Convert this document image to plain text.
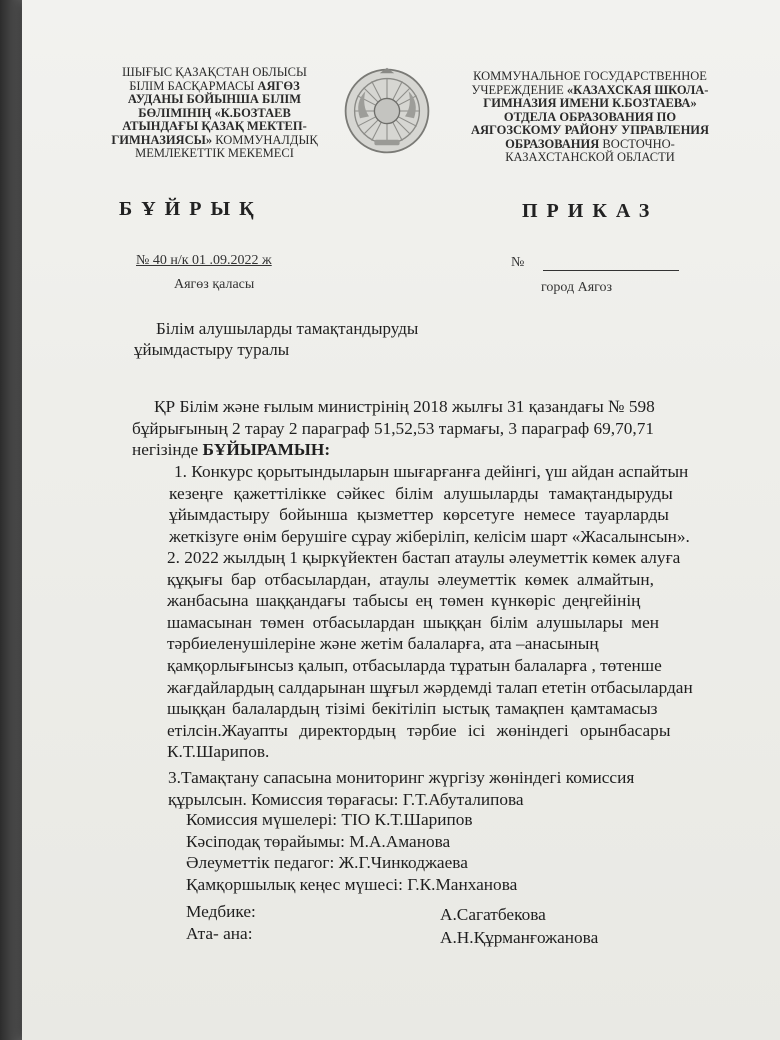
ШЫҒЫС ҚАЗАҚСТАН ОБЛЫСЫ
БІЛІМ БАСҚАРМАСЫ АЯГӨЗ
АУДАНЫ БОЙЫНША БІЛІМ
БӨЛІМІНІҢ «К.БОЗТАЕВ
АТЫНДАҒЫ ҚАЗАҚ МЕКТЕП-
ГИМНАЗИЯСЫ» КОММУНАЛДЫҚ
МЕМЛЕКЕТТІК МЕКЕМЕСІ
КОММУНАЛЬНОЕ ГОСУДАРСТВЕННОЕ
УЧЕРЕЖДЕНИЕ «КАЗАХСКАЯ ШКОЛА-
ГИМНАЗИЯ ИМЕНИ К.БОЗТАЕВА»
ОТДЕЛА ОБРАЗОВАНИЯ ПО
АЯГОЗСКОМУ РАЙОНУ УПРАВЛЕНИЯ
ОБРАЗОВАНИЯ ВОСТОЧНО-
КАЗАХСТАНСКОЙ ОБЛАСТИ
БҰЙРЫҚ	ПРИКАЗ
№ 40 н/к 01 .09.2022 ж
Аягөз қаласы
№
город Аягоз
Білім алушыларды тамақтандыруды
ұйымдастыру туралы
ҚР Білім және ғылым министрінің 2018 жылғы 31 қазандағы № 598
бұйрығының 2 тарау 2 параграф 51,52,53 тармағы, 3 параграф 69,70,71
негізінде БҰЙЫРАМЫН:
1. Конкурс қорытындыларын шығарғанға дейінгі, үш айдан аспайтын
кезеңге қажеттілікке сәйкес білім алушыларды тамақтандыруды
ұйымдастыру бойынша қызметтер көрсетуге немесе тауарларды
жеткізуге өнім берушіге сұрау жіберіліп, келісім шарт «Жасалынсын».
2. 2022 жылдың 1 қыркүйектен бастап атаулы әлеуметтік көмек алуға
құқығы бар отбасылардан, атаулы әлеуметтік көмек алмайтын,
жанбасына шаққандағы табысы ең төмен күнкөріс деңгейінің
шамасынан төмен отбасылардан шыққан білім алушылары мен
тәрбиеленушілеріне және жетім балаларға, ата –анасының
қамқорлығынсыз қалып, отбасыларда тұратын балаларға , төтенше
жағдайлардың салдарынан шұғыл жәрдемді талап ететін отбасылардан
шыққан балалардың тізімі бекітіліп ыстық тамақпен қамтамасыз
етілсін.Жауапты директордың тәрбие ісі жөніндегі орынбасары
К.Т.Шарипов.
3.Тамақтану сапасына мониторинг жүргізу жөніндегі комиссия
құрылсын. Комиссия төрағасы: Г.Т.Абуталипова
Комиссия мүшелері: ТІО К.Т.Шарипов
Кәсіподақ төрайымы: М.А.Аманова
Әлеуметтік педагог: Ж.Г.Чинкоджаева
Қамқоршылық кеңес мүшесі: Г.К.Манханова
Медбике:	А.Сагатбекова
Ата- ана:	А.Н.Құрманғожанова
